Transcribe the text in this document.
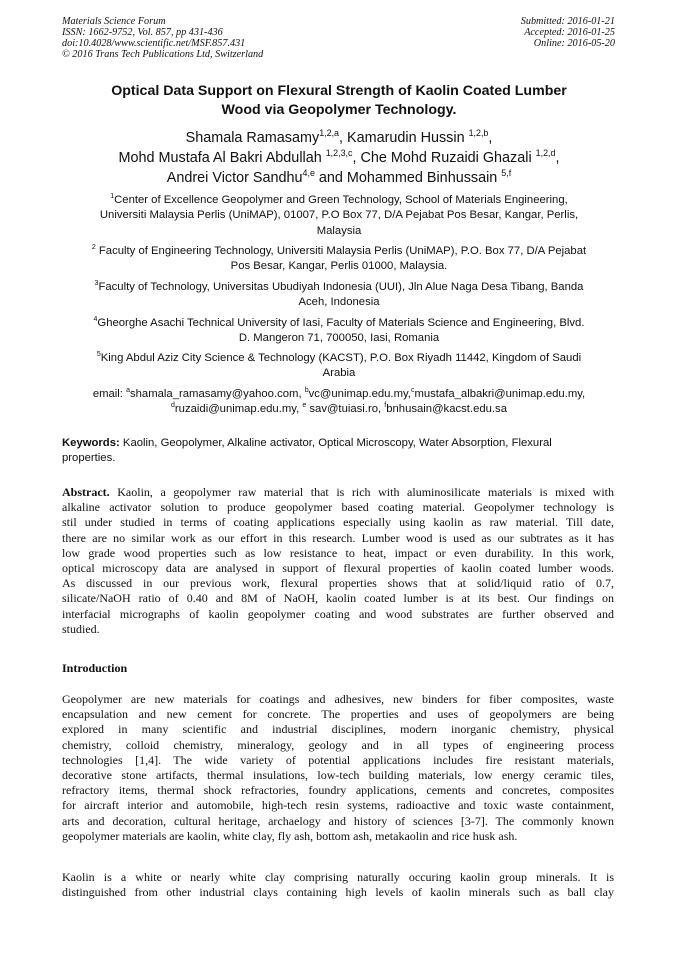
Materials Science Forum
ISSN: 1662-9752, Vol. 857, pp 431-436
doi:10.4028/www.scientific.net/MSF.857.431
© 2016 Trans Tech Publications Ltd, Switzerland
Submitted: 2016-01-21
Accepted: 2016-01-25
Online: 2016-05-20
Optical Data Support on Flexural Strength of Kaolin Coated Lumber
Wood via Geopolymer Technology.
Shamala Ramasamy$^{1,2,a}$, Kamarudin Hussin $^{1,2,b}$,
Mohd Mustafa Al Bakri Abdullah $^{1,2,3,c}$, Che Mohd Ruzaidi Ghazali $^{1,2,d}$,
Andrei Victor Sandhu$^{4,e}$ and Mohammed Binhussain $^{5,f}$
$^1$Center of Excellence Geopolymer and Green Technology, School of Materials Engineering,
Universiti Malaysia Perlis (UniMAP), 01007, P.O Box 77, D/A Pejabat Pos Besar, Kangar, Perlis,
Malaysia
$^2$ Faculty of Engineering Technology, Universiti Malaysia Perlis (UniMAP), P.O. Box 77, D/A Pejabat
Pos Besar, Kangar, Perlis 01000, Malaysia.
$^3$Faculty of Technology, Universitas Ubudiyah Indonesia (UUI), Jln Alue Naga Desa Tibang, Banda
Aceh, Indonesia
$^4$Gheorghe Asachi Technical University of Iasi, Faculty of Materials Science and Engineering, Blvd.
D. Mangeron 71, 700050, Iasi, Romania
$^5$King Abdul Aziz City Science & Technology (KACST), P.O. Box Riyadh 11442, Kingdom of Saudi
Arabia
email: $^a$shamala_ramasamy@yahoo.com, $^b$vc@unimap.edu.my,$^c$mustafa_albakri@unimap.edu.my,
$^d$ruzaidi@unimap.edu.my, $^e$ sav@tuiasi.ro, $^f$bnhusain@kacst.edu.sa
Keywords: Kaolin, Geopolymer, Alkaline activator, Optical Microscopy, Water Absorption, Flexural
properties.
Abstract. Kaolin, a geopolymer raw material that is rich with aluminosilicate materials is mixed with
alkaline activator solution to produce geopolymer based coating material. Geopolymer technology is
stil under studied in terms of coating applications especially using kaolin as raw material. Till date,
there are no similar work as our effort in this research. Lumber wood is used as our subtrates as it has
low grade wood properties such as low resistance to heat, impact or even durability. In this work,
optical microscopy data are analysed in support of flexural properties of kaolin coated lumber woods.
As discussed in our previous work, flexural properties shows that at solid/liquid ratio of 0.7,
silicate/NaOH ratio of 0.40 and 8M of NaOH, kaolin coated lumber is at its best. Our findings on
interfacial micrographs of kaolin geopolymer coating and wood substrates are further observed and
studied.
Introduction
Geopolymer are new materials for coatings and adhesives, new binders for fiber composites, waste
encapsulation and new cement for concrete. The properties and uses of geopolymers are being
explored in many scientific and industrial disciplines, modern inorganic chemistry, physical
chemistry, colloid chemistry, mineralogy, geology and in all types of engineering process
technologies [1,4]. The wide variety of potential applications includes fire resistant materials,
decorative stone artifacts, thermal insulations, low-tech building materials, low energy ceramic tiles,
refractory items, thermal shock refractories, foundry applications, cements and concretes, composites
for aircraft interior and automobile, high-tech resin systems, radioactive and toxic waste containment,
arts and decoration, cultural heritage, archaelogy and history of sciences [3-7]. The commonly known
geopolymer materials are kaolin, white clay, fly ash, bottom ash, metakaolin and rice husk ash.
Kaolin is a white or nearly white clay comprising naturally occuring kaolin group minerals. It is
distinguished from other industrial clays containing high levels of kaolin minerals such as ball clay
